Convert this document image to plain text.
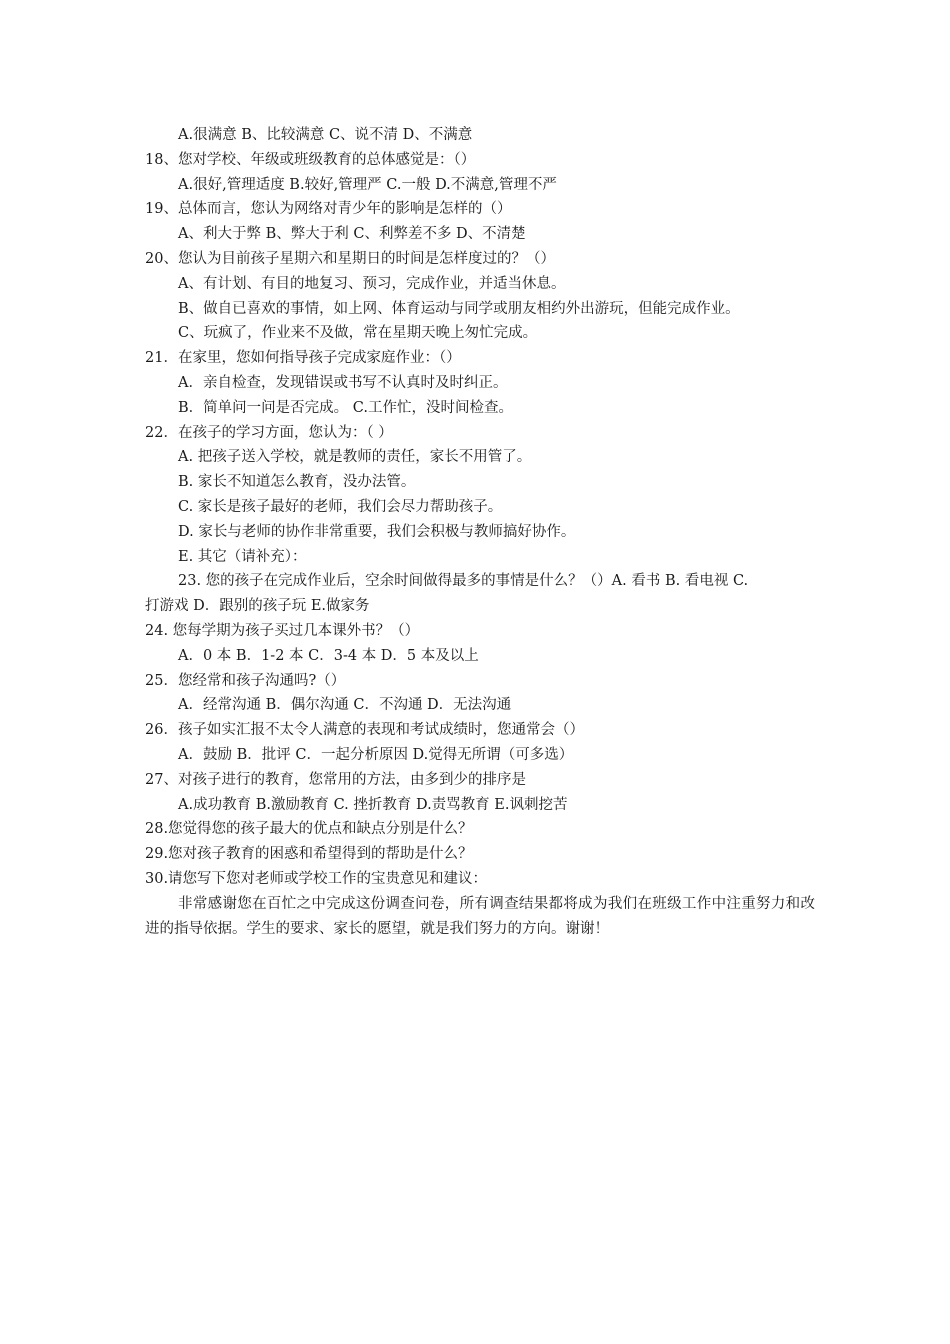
A.很满意 B、比较满意 C、说不清 D、不满意
18、您对学校、年级或班级教育的总体感觉是：（）
A.很好,管理适度 B.较好,管理严 C.一般 D.不满意,管理不严
19、总体而言，您认为网络对青少年的影响是怎样的（）
A、利大于弊 B、弊大于利 C、利弊差不多 D、不清楚
20、您认为目前孩子星期六和星期日的时间是怎样度过的？（）
A、有计划、有目的地复习、预习，完成作业，并适当休息。
B、做自已喜欢的事情，如上网、体育运动与同学或朋友相约外出游玩，但能完成作业。
C、玩疯了，作业来不及做，常在星期天晚上匆忙完成。
21．在家里，您如何指导孩子完成家庭作业：（）
A．亲自检查，发现错误或书写不认真时及时纠正。
B．简单问一问是否完成。 C.工作忙，没时间检查。
22．在孩子的学习方面，您认为：（ ）
A. 把孩子送入学校，就是教师的责任，家长不用管了。
B. 家长不知道怎么教育，没办法管。
C. 家长是孩子最好的老师，我们会尽力帮助孩子。
D. 家长与老师的协作非常重要，我们会积极与教师搞好协作。
E. 其它（请补充）：
23. 您的孩子在完成作业后，空余时间做得最多的事情是什么？（）A. 看书 B. 看电视 C.
打游戏 D．跟别的孩子玩 E.做家务
24. 您每学期为孩子买过几本课外书？（）
A．0 本 B．1-2 本 C．3-4 本 D．5 本及以上
25．您经常和孩子沟通吗?（）
A．经常沟通 B．偶尔沟通 C．不沟通 D．无法沟通
26．孩子如实汇报不太令人满意的表现和考试成绩时，您通常会（）
A．鼓励 B．批评 C．一起分析原因 D.觉得无所谓（可多选）
27、对孩子进行的教育，您常用的方法，由多到少的排序是
A.成功教育 B.激励教育 C. 挫折教育 D.责骂教育 E.讽刺挖苦
28.您觉得您的孩子最大的优点和缺点分别是什么？
29.您对孩子教育的困惑和希望得到的帮助是什么？
30.请您写下您对老师或学校工作的宝贵意见和建议：
非常感谢您在百忙之中完成这份调查问卷，所有调查结果都将成为我们在班级工作中注重努力和改进的指导依据。学生的要求、家长的愿望，就是我们努力的方向。谢谢！
